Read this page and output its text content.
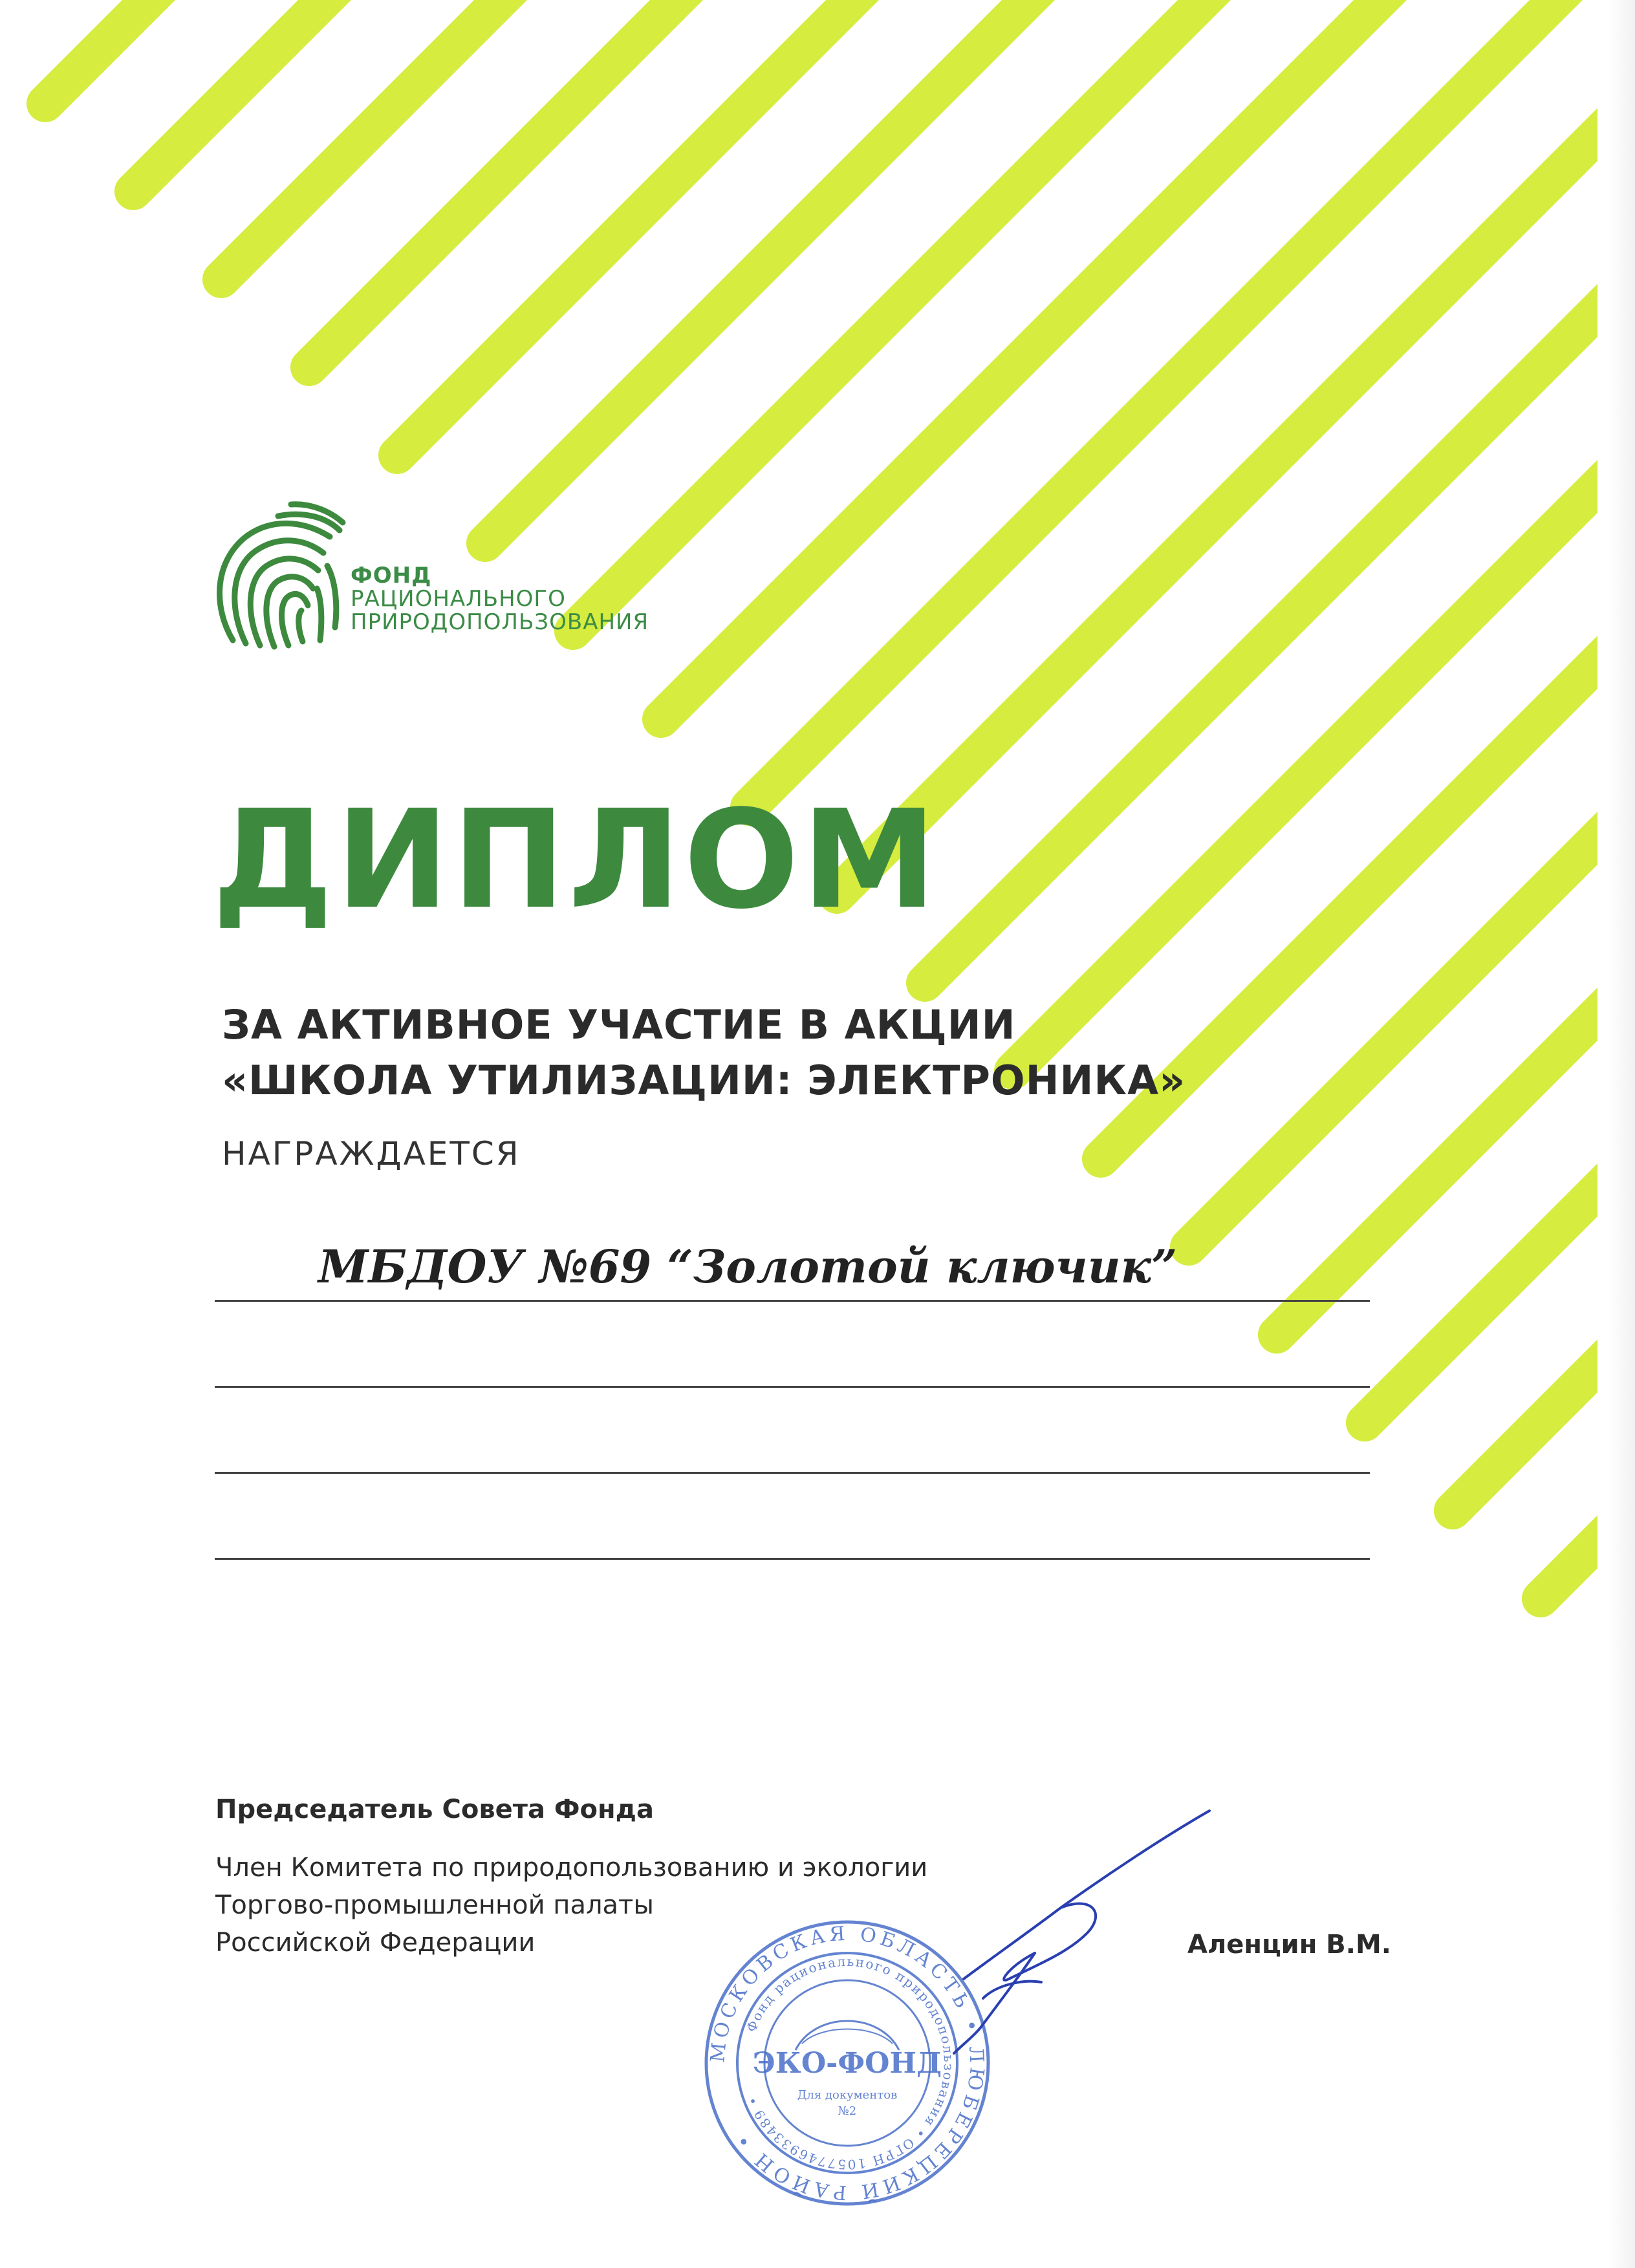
ФОНД
РАЦИОНАЛЬНОГО
ПРИРОДОПОЛЬЗОВАНИЯ
ДИПЛОМ
ЗА АКТИВНОЕ УЧАСТИЕ В АКЦИИ
«ШКОЛА УТИЛИЗАЦИИ: ЭЛЕКТРОНИКА»
НАГРАЖДАЕТСЯ
МБДОУ №69 “Золотой ключик”
Председатель Совета Фонда
Член Комитета по природопользованию и экологии
Торгово-промышленной палаты
Российской Федерации	Аленцин В.М.
МОСКОВСКАЯ ОБЛАСТЬ • ЛЮБЕРЕЦКИЙ РАЙОН •
Фонд рационального природопользования • ОГРН 1057746933489 •
ЭКО-ФОНД
Для документов
№2
